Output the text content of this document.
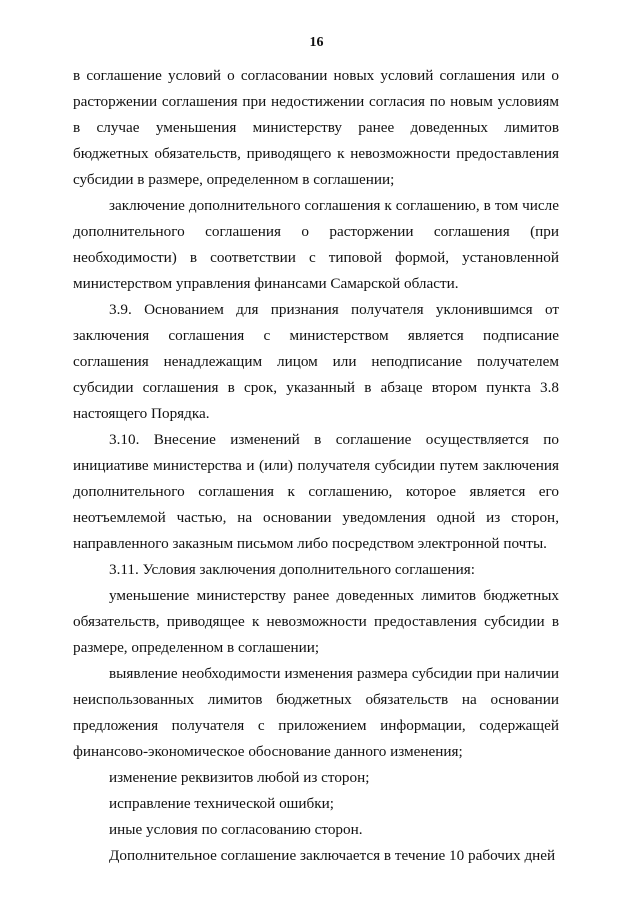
16

в соглашение условий о согласовании новых условий соглашения или о расторжении соглашения при недостижении согласия по новым условиям в случае уменьшения министерству ранее доведенных лимитов бюджетных обязательств, приводящего к невозможности предоставления субсидии в размере, определенном в соглашении;

заключение дополнительного соглашения к соглашению, в том числе дополнительного соглашения о расторжении соглашения (при необходимости) в соответствии с типовой формой, установленной министерством управления финансами Самарской области.

3.9. Основанием для признания получателя уклонившимся от заключения соглашения с министерством является подписание соглашения ненадлежащим лицом или неподписание получателем субсидии соглашения в срок, указанный в абзаце втором пункта 3.8 настоящего Порядка.

3.10. Внесение изменений в соглашение осуществляется по инициативе министерства и (или) получателя субсидии путем заключения дополнительного соглашения к соглашению, которое является его неотъемлемой частью, на основании уведомления одной из сторон, направленного заказным письмом либо посредством электронной почты.

3.11. Условия заключения дополнительного соглашения:

уменьшение министерству ранее доведенных лимитов бюджетных обязательств, приводящее к невозможности предоставления субсидии в размере, определенном в соглашении;

выявление необходимости изменения размера субсидии при наличии неиспользованных лимитов бюджетных обязательств на основании предложения получателя с приложением информации, содержащей финансово-экономическое обоснование данного изменения;

изменение реквизитов любой из сторон;

исправление технической ошибки;

иные условия по согласованию сторон.

Дополнительное соглашение заключается в течение 10 рабочих дней
